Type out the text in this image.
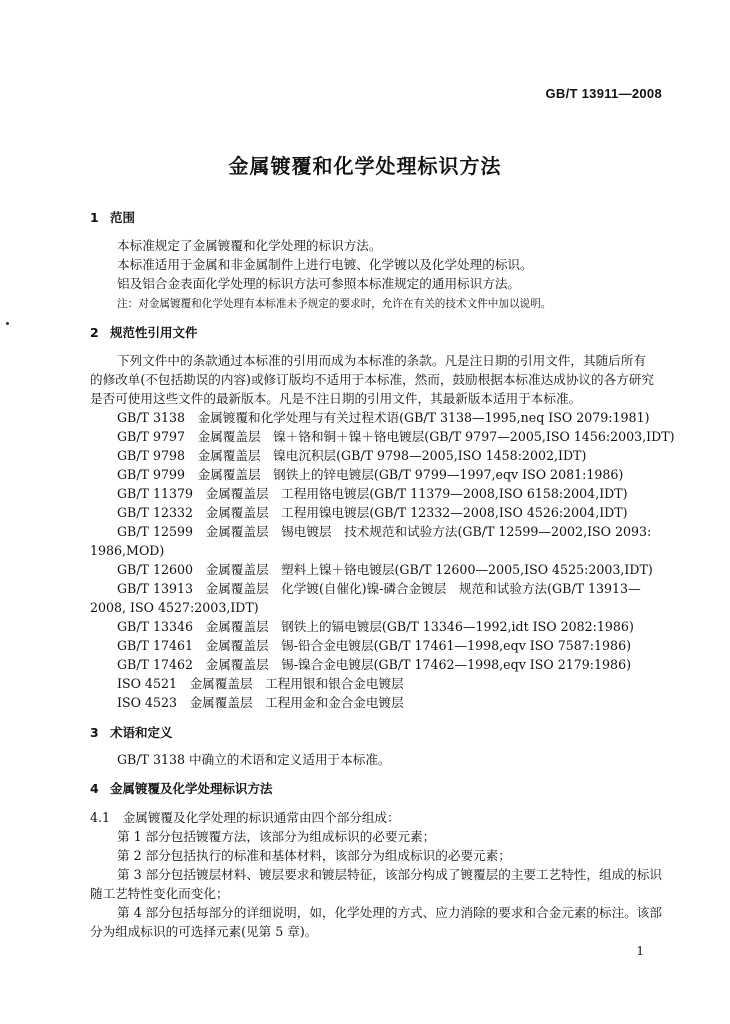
GB/T 13911—2008
金属镀覆和化学处理标识方法
1 范围
本标准规定了金属镀覆和化学处理的标识方法。
本标准适用于金属和非金属制件上进行电镀、化学镀以及化学处理的标识。
铝及铝合金表面化学处理的标识方法可参照本标准规定的通用标识方法。
注：对金属镀覆和化学处理有本标准未予规定的要求时，允许在有关的技术文件中加以说明。
2 规范性引用文件
下列文件中的条款通过本标准的引用而成为本标准的条款。凡是注日期的引用文件，其随后所有
的修改单(不包括勘误的内容)或修订版均不适用于本标准，然而，鼓励根据本标准达成协议的各方研究
是否可使用这些文件的最新版本。凡是不注日期的引用文件，其最新版本适用于本标准。
GB/T 3138　金属镀覆和化学处理与有关过程术语(GB/T 3138—1995,neq ISO 2079:1981)
GB/T 9797　金属覆盖层　镍＋铬和铜＋镍＋铬电镀层(GB/T 9797—2005,ISO 1456:2003,IDT)
GB/T 9798　金属覆盖层　镍电沉积层(GB/T 9798—2005,ISO 1458:2002,IDT)
GB/T 9799　金属覆盖层　钢铁上的锌电镀层(GB/T 9799—1997,eqv ISO 2081:1986)
GB/T 11379　金属覆盖层　工程用铬电镀层(GB/T 11379—2008,ISO 6158:2004,IDT)
GB/T 12332　金属覆盖层　工程用镍电镀层(GB/T 12332—2008,ISO 4526:2004,IDT)
GB/T 12599　金属覆盖层　锡电镀层　技术规范和试验方法(GB/T 12599—2002,ISO 2093:
1986,MOD)
GB/T 12600　金属覆盖层　塑料上镍＋铬电镀层(GB/T 12600—2005,ISO 4525:2003,IDT)
GB/T 13913　金属覆盖层　化学镀(自催化)镍-磷合金镀层　规范和试验方法(GB/T 13913—
2008, ISO 4527:2003,IDT)
GB/T 13346　金属覆盖层　钢铁上的镉电镀层(GB/T 13346—1992,idt ISO 2082:1986)
GB/T 17461　金属覆盖层　锡-铅合金电镀层(GB/T 17461—1998,eqv ISO 7587:1986)
GB/T 17462　金属覆盖层　锡-镍合金电镀层(GB/T 17462—1998,eqv ISO 2179:1986)
ISO 4521　金属覆盖层　工程用银和银合金电镀层
ISO 4523　金属覆盖层　工程用金和金合金电镀层
3 术语和定义
GB/T 3138 中确立的术语和定义适用于本标准。
4 金属镀覆及化学处理标识方法
4.1　 金属镀覆及化学处理的标识通常由四个部分组成：
第 1 部分包括镀覆方法，该部分为组成标识的必要元素；
第 2 部分包括执行的标准和基体材料，该部分为组成标识的必要元素；
第 3 部分包括镀层材料、镀层要求和镀层特征，该部分构成了镀覆层的主要工艺特性，组成的标识
随工艺特性变化而变化；
第 4 部分包括每部分的详细说明，如，化学处理的方式、应力消除的要求和合金元素的标注。该部
分为组成标识的可选择元素(见第 5 章)。
1
